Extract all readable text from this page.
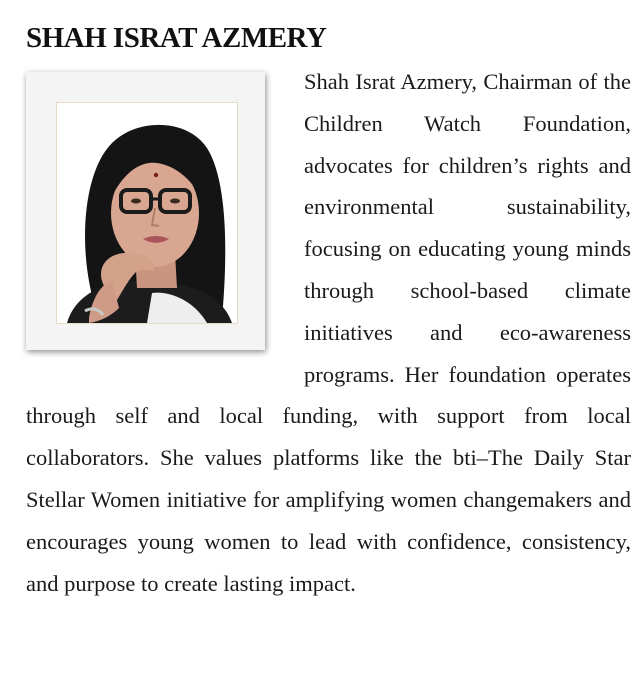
SHAH ISRAT AZMERY

Shah Israt Azmery, Chairman of the Children Watch Foundation, advocates for children’s rights and environmental sustainability, focusing on educating young minds through school-based climate initiatives and eco-awareness programs. Her foundation operates through self and local funding, with support from local collaborators. She values platforms like the bti–The Daily Star Stellar Women initiative for amplifying women changemakers and encourages young women to lead with confidence, consistency, and purpose to create lasting impact.
